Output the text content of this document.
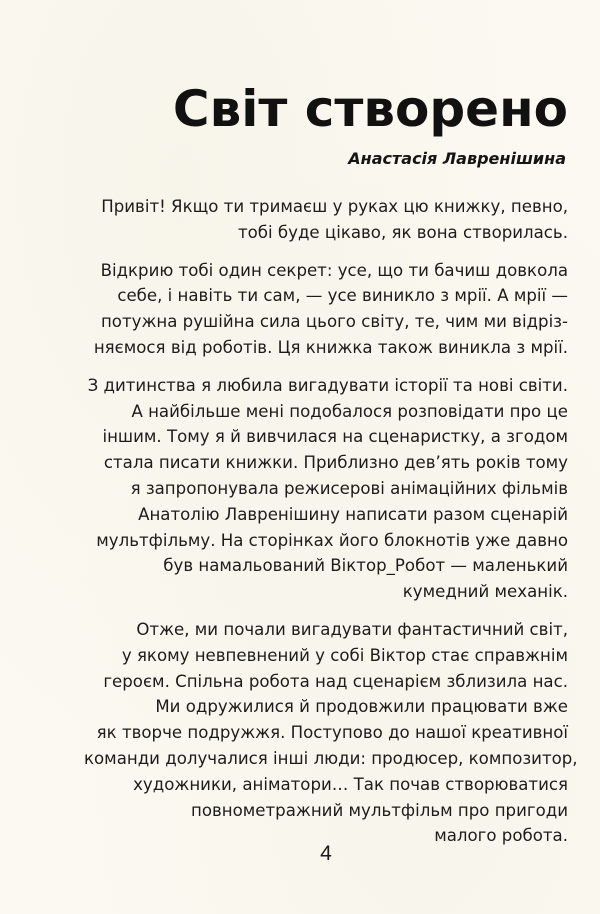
Світ створено

Анастасія Лавренішина

Привіт! Якщо ти тримаєш у руках цю книжку, певно,
тобі буде цікаво, як вона створилась.

Відкрию тобі один секрет: усе, що ти бачиш довкола
себе, і навіть ти сам, — усе виникло з мрії. А мрії —
потужна рушійна сила цього світу, те, чим ми відріз-
няємося від роботів. Ця книжка також виникла з мрії.

З дитинства я любила вигадувати історії та нові світи.
А найбільше мені подобалося розповідати про це
іншим. Тому я й вивчилася на сценаристку, а згодом
стала писати книжки. Приблизно дев’ять років тому
я запропонувала режисерові анімаційних фільмів
Анатолію Лавренішину написати разом сценарій
мультфільму. На сторінках його блокнотів уже давно
був намальований Віктор_Робот — маленький
кумедний механік.

Отже, ми почали вигадувати фантастичний світ,
у якому невпевнений у собі Віктор стає справжнім
героєм. Спільна робота над сценарієм зблизила нас.
Ми одружилися й продовжили працювати вже
як творче подружжя. Поступово до нашої креативної
команди долучалися інші люди: продюсер, композитор,
художники, аніматори… Так почав створюватися
повнометражний мультфільм про пригоди
малого робота.

4
